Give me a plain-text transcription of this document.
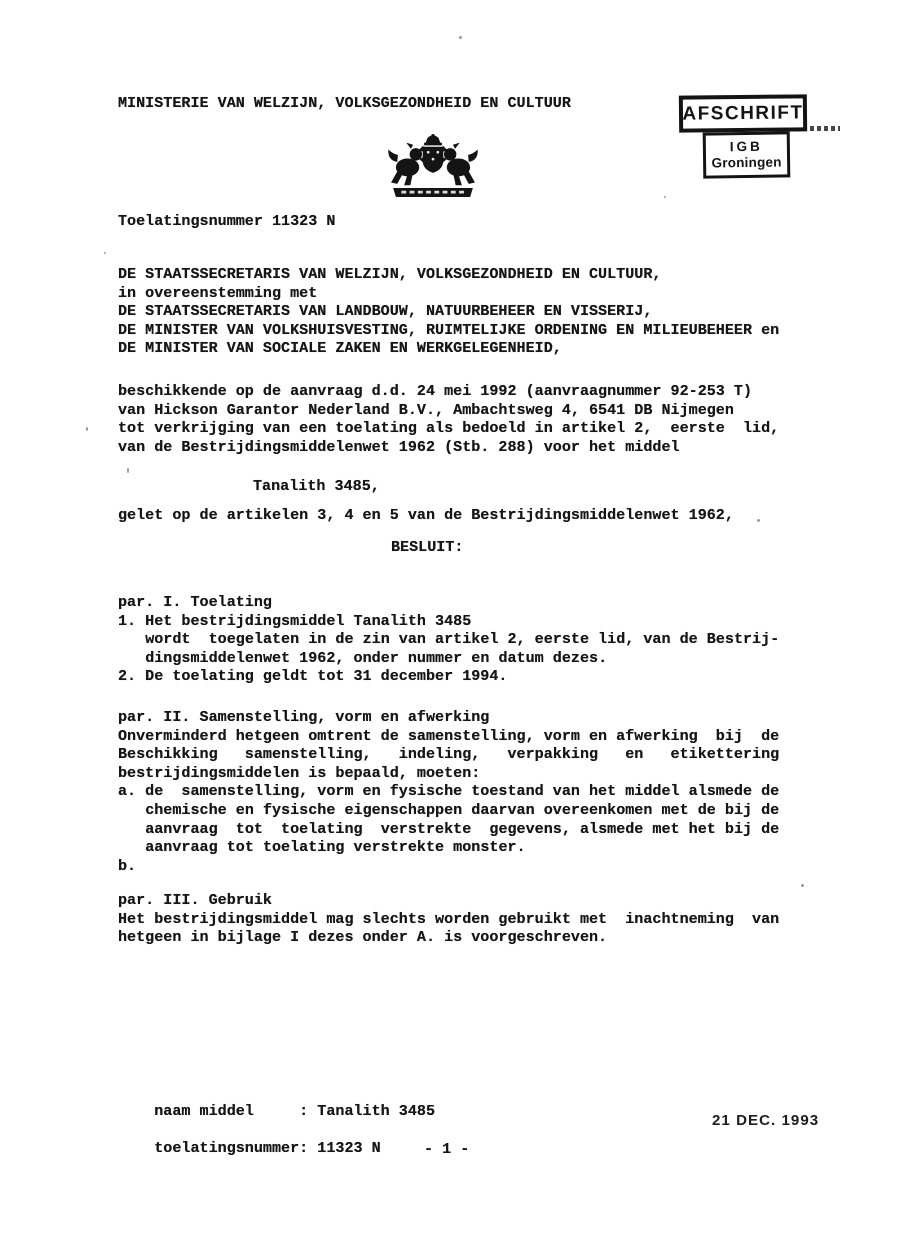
MINISTERIE VAN WELZIJN, VOLKSGEZONDHEID EN CULTUUR	AFSCHRIFT
IGB
Groningen
Toelatingsnummer 11323 N
DE STAATSSECRETARIS VAN WELZIJN, VOLKSGEZONDHEID EN CULTUUR,
in overeenstemming met
DE STAATSSECRETARIS VAN LANDBOUW, NATUURBEHEER EN VISSERIJ,
DE MINISTER VAN VOLKSHUISVESTING, RUIMTELIJKE ORDENING EN MILIEUBEHEER en
DE MINISTER VAN SOCIALE ZAKEN EN WERKGELEGENHEID,
beschikkende op de aanvraag d.d. 24 mei 1992 (aanvraagnummer 92-253 T)
van Hickson Garantor Nederland B.V., Ambachtsweg 4, 6541 DB Nijmegen
tot verkrijging van een toelating als bedoeld in artikel 2,  eerste  lid,
van de Bestrijdingsmiddelenwet 1962 (Stb. 288) voor het middel
Tanalith 3485,
gelet op de artikelen 3, 4 en 5 van de Bestrijdingsmiddelenwet 1962,
BESLUIT:
par. I. Toelating
1. Het bestrijdingsmiddel Tanalith 3485
wordt  toegelaten in de zin van artikel 2, eerste lid, van de Bestrij-
dingsmiddelenwet 1962, onder nummer en datum dezes.
2. De toelating geldt tot 31 december 1994.
par. II. Samenstelling, vorm en afwerking
Onverminderd hetgeen omtrent de samenstelling, vorm en afwerking  bij  de
Beschikking   samenstelling,   indeling,   verpakking   en   etikettering
bestrijdingsmiddelen is bepaald, moeten:
a. de  samenstelling, vorm en fysische toestand van het middel alsmede de
chemische en fysische eigenschappen daarvan overeenkomen met de bij de
aanvraag  tot  toelating  verstrekte  gegevens, alsmede met het bij de
aanvraag tot toelating verstrekte monster.
b.
par. III. Gebruik
Het bestrijdingsmiddel mag slechts worden gebruikt met  inachtneming  van
hetgeen in bijlage I dezes onder A. is voorgeschreven.

naam middel     : Tanalith 3485

toelatingsnummer: 11323 N

21 DEC. 1993
- 1 -
